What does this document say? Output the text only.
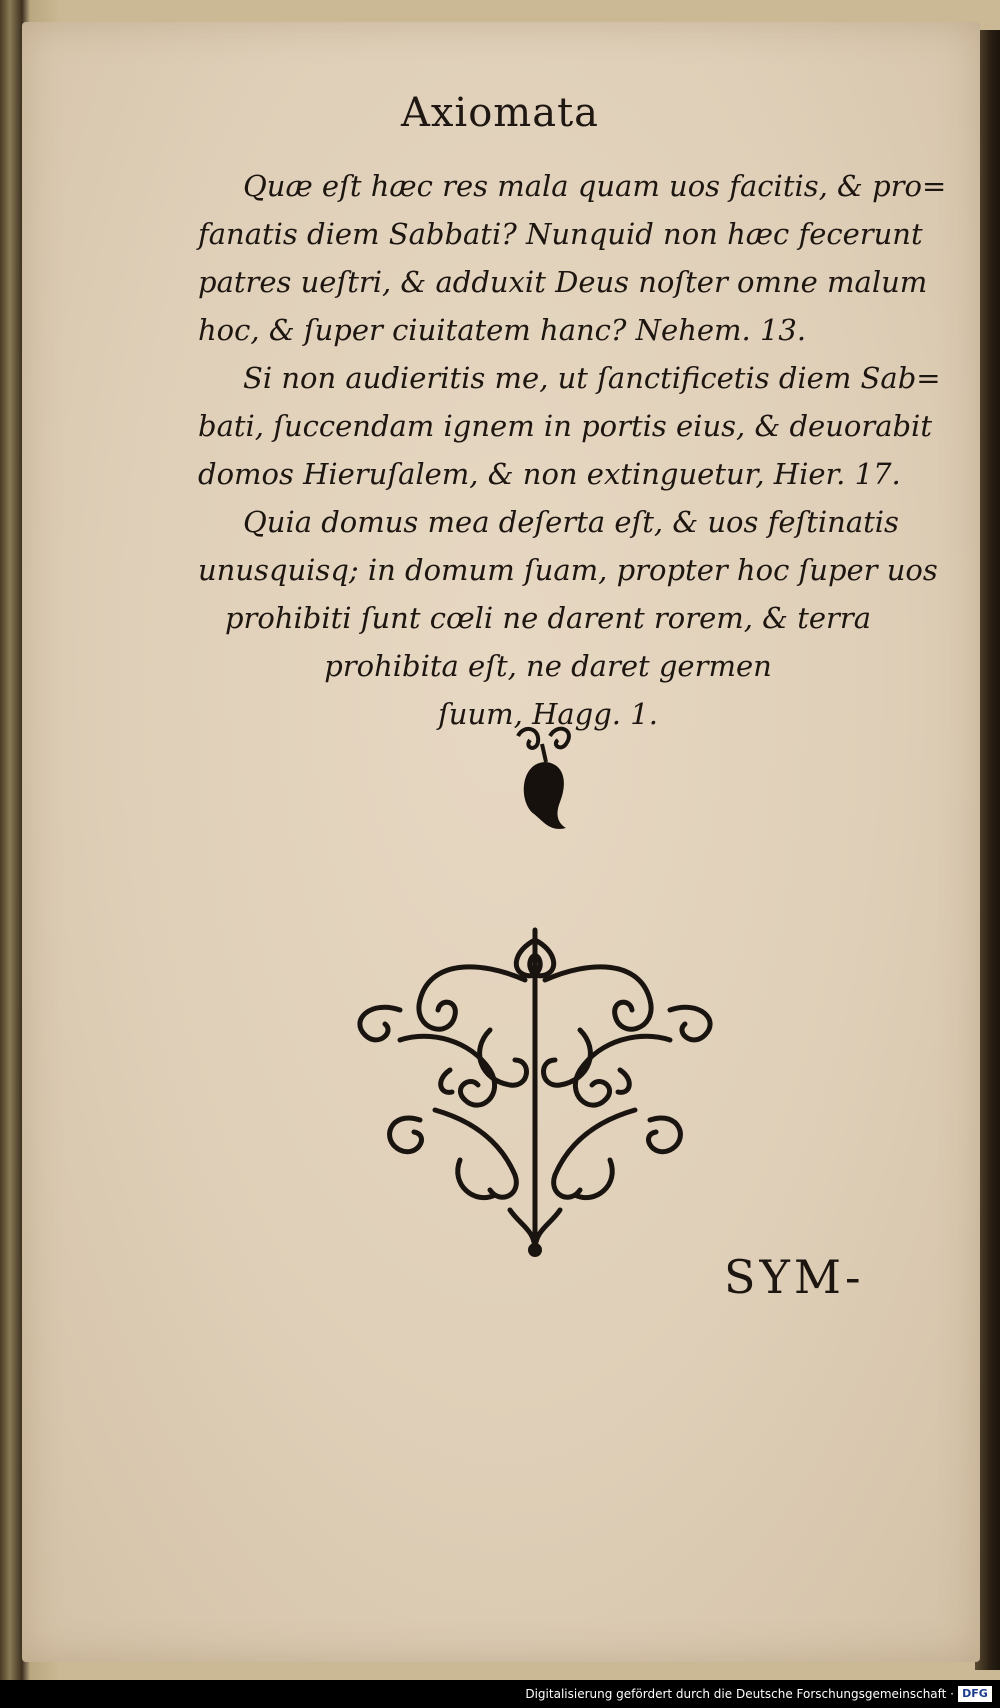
Axiomata
Quæ eſt hæc res mala quam uos facitis, & pro=
fanatis diem Sabbati? Nunquid non hæc fecerunt
patres ueſtri, & adduxit Deus noſter omne malum
hoc, & ſuper ciuitatem hanc? Nehem. 13.
Si non audieritis me, ut ſanctificetis diem Sab=
bati, ſuccendam ignem in portis eius, & deuorabit
domos Hieruſalem, & non extinguetur, Hier. 17.
Quia domus mea deſerta eſt, & uos feſtinatis
unusquisq; in domum ſuam, propter hoc ſuper uos
prohibiti ſunt cœli ne darent rorem, & terra
prohibita eſt, ne daret germen
ſuum, Hagg. 1.
SYM-
Digitalisierung gefördert durch die Deutsche Forschungsgemeinschaft · DFG
